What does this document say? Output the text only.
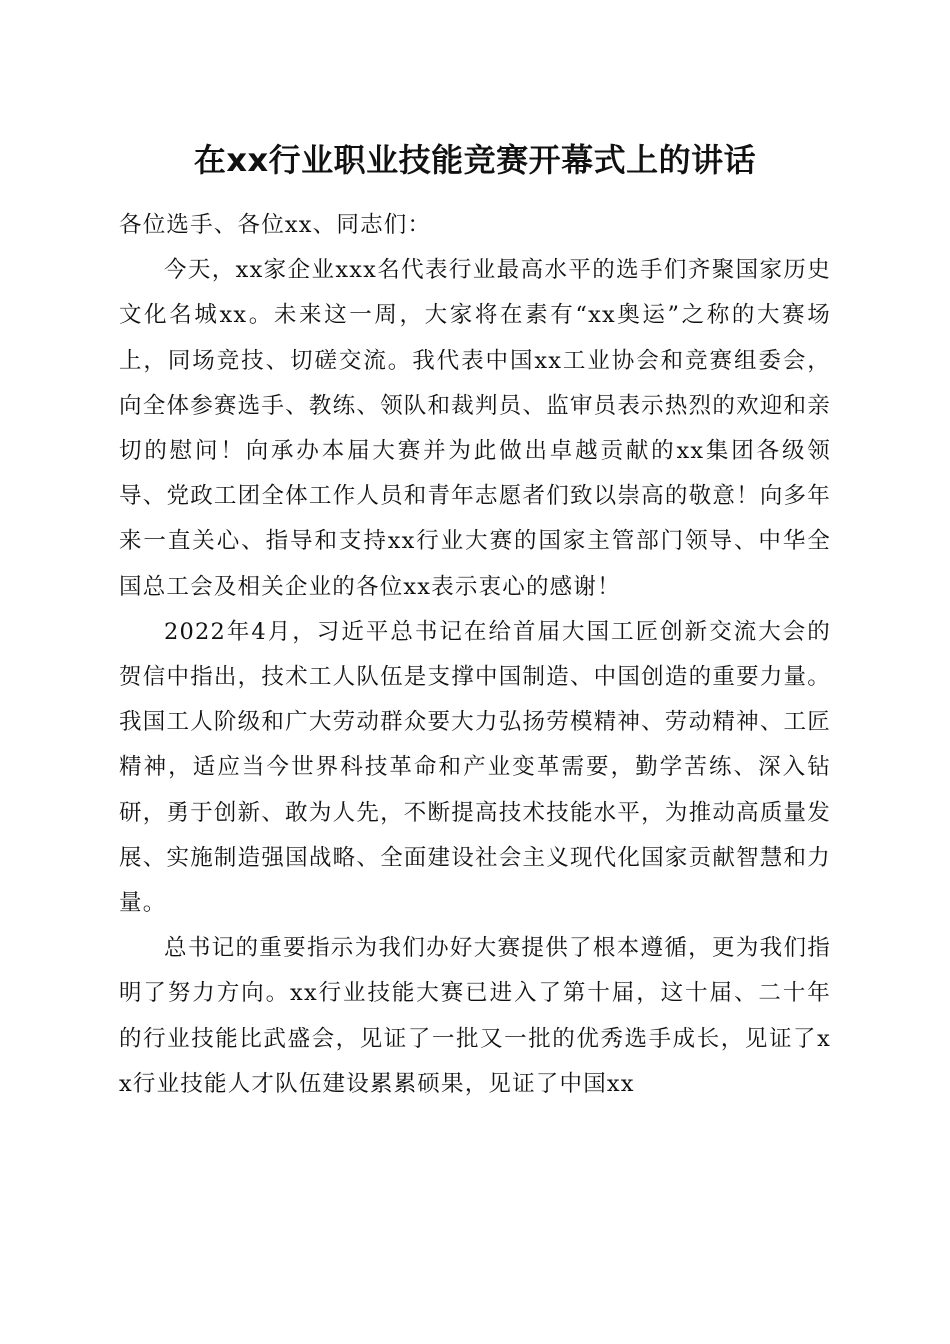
在xx行业职业技能竞赛开幕式上的讲话

各位选手、各位xx、同志们：

今天，xx家企业xxx名代表行业最高水平的选手们齐聚国家历史文化名城xx。未来这一周，大家将在素有“xx奥运”之称的大赛场上，同场竞技、切磋交流。我代表中国xx工业协会和竞赛组委会，向全体参赛选手、教练、领队和裁判员、监审员表示热烈的欢迎和亲切的慰问！向承办本届大赛并为此做出卓越贡献的xx集团各级领导、党政工团全体工作人员和青年志愿者们致以崇高的敬意！向多年来一直关心、指导和支持xx行业大赛的国家主管部门领导、中华全国总工会及相关企业的各位xx表示衷心的感谢！

2022年4月，习近平总书记在给首届大国工匠创新交流大会的贺信中指出，技术工人队伍是支撑中国制造、中国创造的重要力量。我国工人阶级和广大劳动群众要大力弘扬劳模精神、劳动精神、工匠精神，适应当今世界科技革命和产业变革需要，勤学苦练、深入钻研，勇于创新、敢为人先，不断提高技术技能水平，为推动高质量发展、实施制造强国战略、全面建设社会主义现代化国家贡献智慧和力量。

总书记的重要指示为我们办好大赛提供了根本遵循，更为我们指明了努力方向。xx行业技能大赛已进入了第十届，这十届、二十年的行业技能比武盛会，见证了一批又一批的优秀选手成长，见证了xx行业技能人才队伍建设累累硕果，见证了中国xx
